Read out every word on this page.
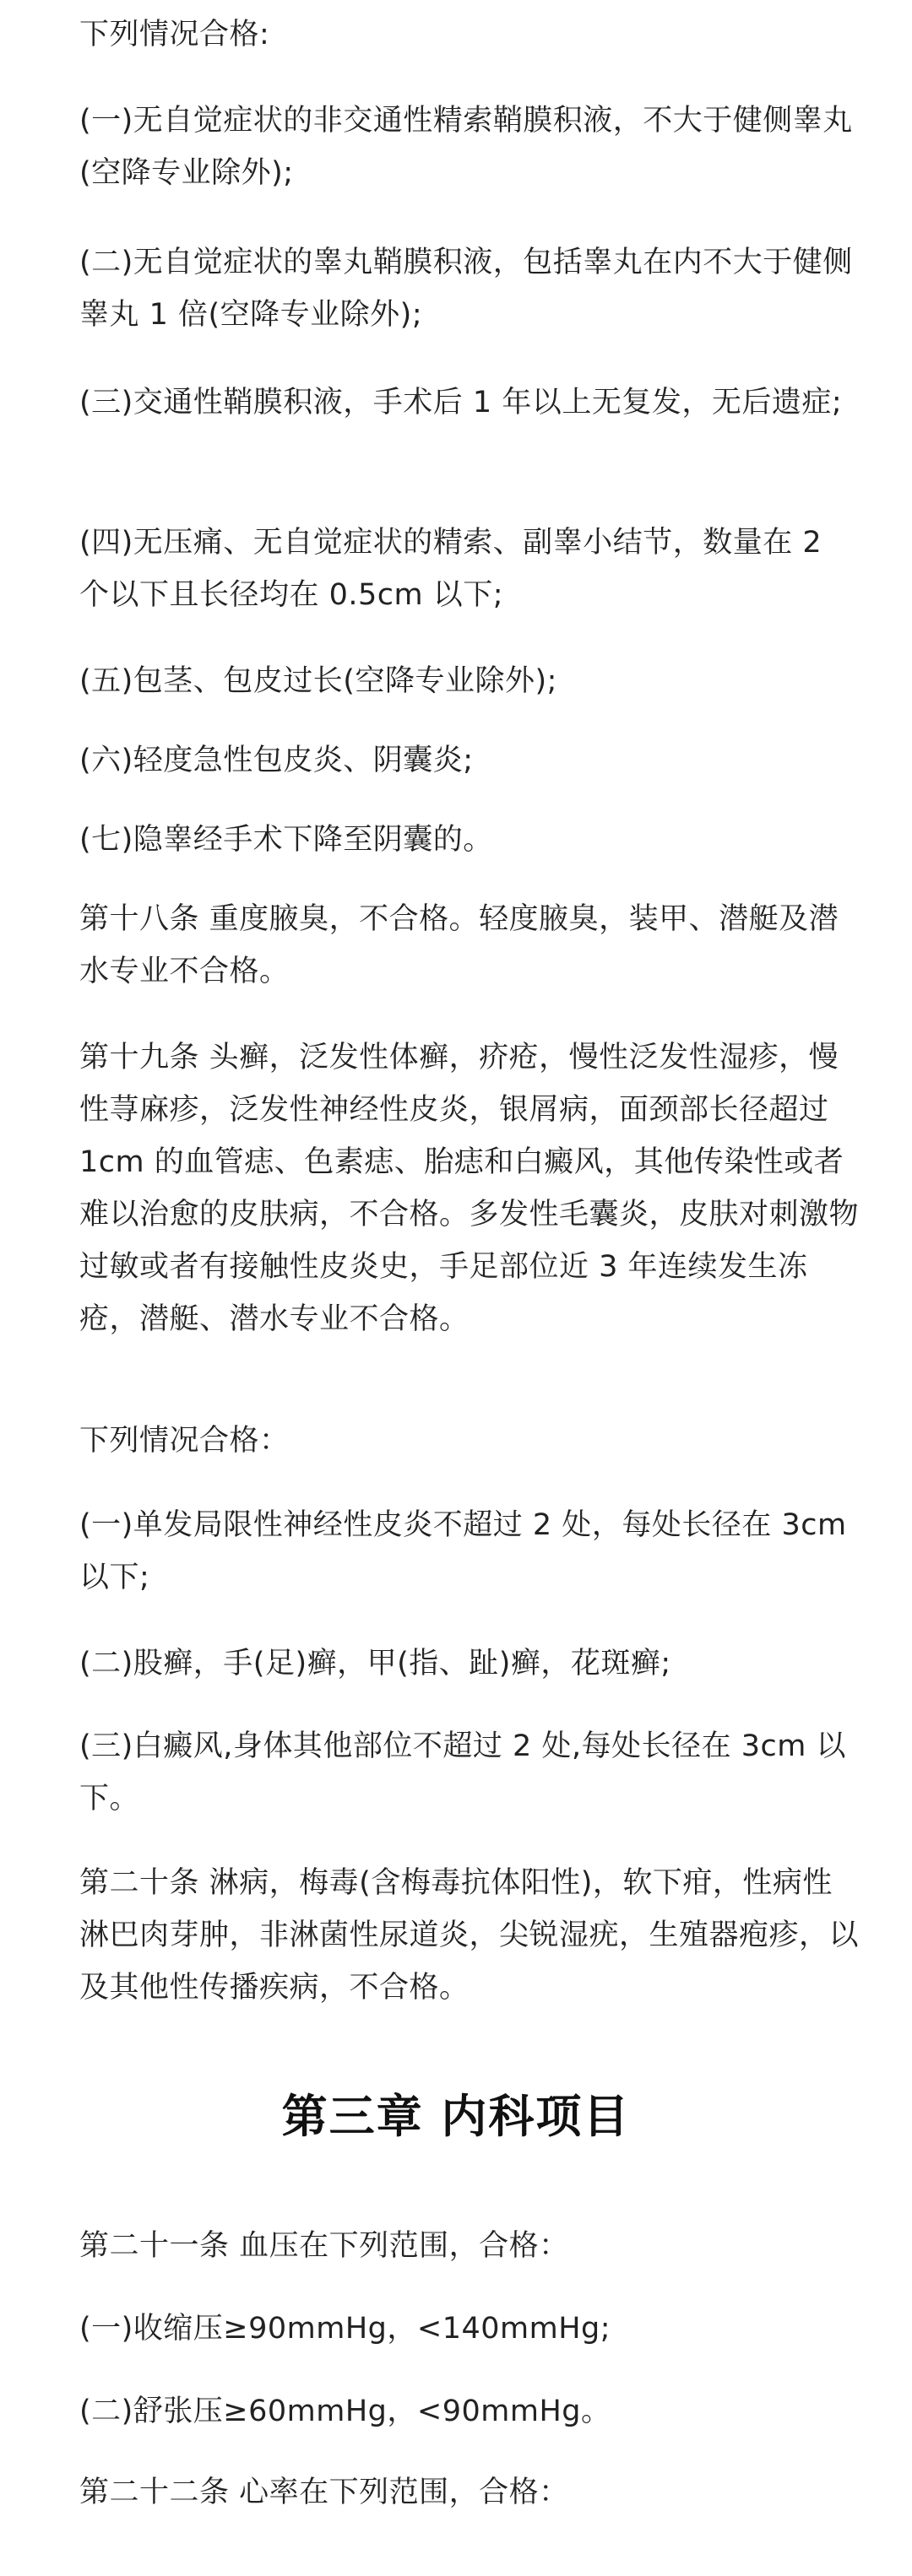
下列情况合格:
(一)无自觉症状的非交通性精索鞘膜积液，不大于健侧睾丸(空降专业除外);
(二)无自觉症状的睾丸鞘膜积液，包括睾丸在内不大于健侧睾丸 1 倍(空降专业除外);
(三)交通性鞘膜积液，手术后 1 年以上无复发，无后遗症;
(四)无压痛、无自觉症状的精索、副睾小结节，数量在 2 个以下且长径均在 0.5cm 以下;
(五)包茎、包皮过长(空降专业除外);
(六)轻度急性包皮炎、阴囊炎;
(七)隐睾经手术下降至阴囊的。
第十八条 重度腋臭，不合格。轻度腋臭，装甲、潜艇及潜水专业不合格。
第十九条 头癣，泛发性体癣，疥疮，慢性泛发性湿疹，慢性荨麻疹，泛发性神经性皮炎，银屑病，面颈部长径超过 1cm 的血管痣、色素痣、胎痣和白癜风，其他传染性或者难以治愈的皮肤病，不合格。多发性毛囊炎，皮肤对刺激物过敏或者有接触性皮炎史，手足部位近 3 年连续发生冻疮，潜艇、潜水专业不合格。
下列情况合格：
(一)单发局限性神经性皮炎不超过 2 处，每处长径在 3cm 以下;
(二)股癣，手(足)癣，甲(指、趾)癣，花斑癣;
(三)白癜风,身体其他部位不超过 2 处,每处长径在 3cm 以下。
第二十条 淋病，梅毒(含梅毒抗体阳性)，软下疳，性病性淋巴肉芽肿，非淋菌性尿道炎，尖锐湿疣，生殖器疱疹，以及其他性传播疾病，不合格。
第三章 内科项目
第二十一条 血压在下列范围，合格：
(一)收缩压≥90mmHg，<140mmHg;
(二)舒张压≥60mmHg，<90mmHg。
第二十二条 心率在下列范围，合格：
